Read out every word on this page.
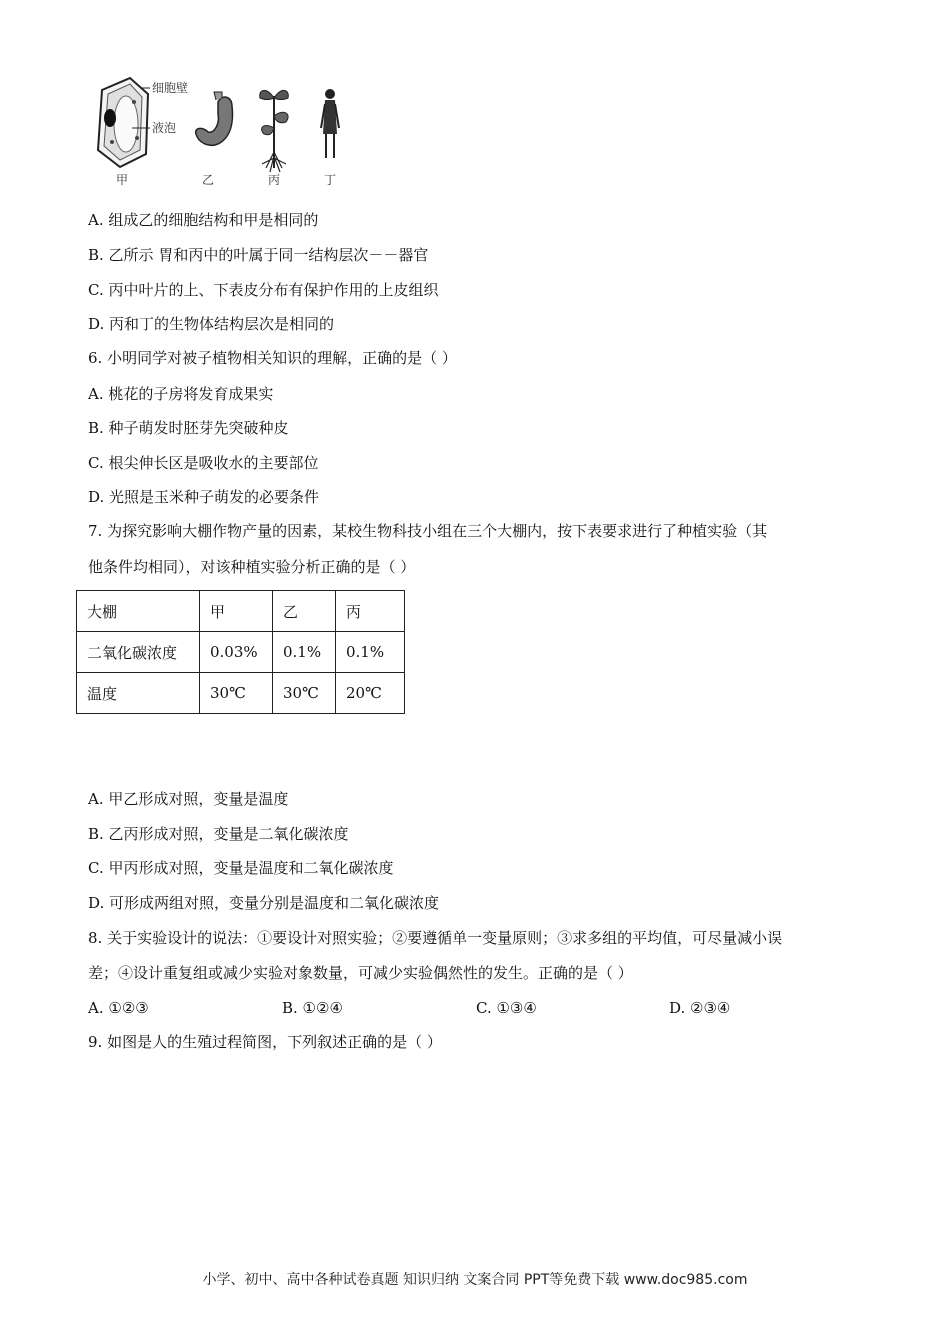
细胞壁
液泡
甲	乙	丙	丁
A. 组成乙的细胞结构和甲是相同的
B. 乙所示 胃和丙中的叶属于同一结构层次－－器官
C. 丙中叶片的上、下表皮分布有保护作用的上皮组织
D. 丙和丁的生物体结构层次是相同的
6. 小明同学对被子植物相关知识的理解，正确的是（ ）
A. 桃花的子房将发育成果实
B. 种子萌发时胚芽先突破种皮
C. 根尖伸长区是吸收水的主要部位
D. 光照是玉米种子萌发的必要条件
7. 为探究影响大棚作物产量的因素，某校生物科技小组在三个大棚内，按下表要求进行了种植实验（其
他条件均相同），对该种植实验分析正确的是（ ）
大棚	甲	乙	丙
二氧化碳浓度	0.03%	0.1%	0.1%
温度	30℃	30℃	20℃
A. 甲乙形成对照，变量是温度
B. 乙丙形成对照，变量是二氧化碳浓度
C. 甲丙形成对照，变量是温度和二氧化碳浓度
D. 可形成两组对照，变量分别是温度和二氧化碳浓度
8. 关于实验设计的说法：①要设计对照实验；②要遵循单一变量原则；③求多组的平均值，可尽量减小误
差；④设计重复组或减少实验对象数量，可减少实验偶然性的发生。正确的是（ ）
A. ①②③	B. ①②④	C. ①③④	D. ②③④
9. 如图是人的生殖过程简图，下列叙述正确的是（ ）
小学、初中、高中各种试卷真题 知识归纳 文案合同 PPT等免费下载 www.doc985.com
